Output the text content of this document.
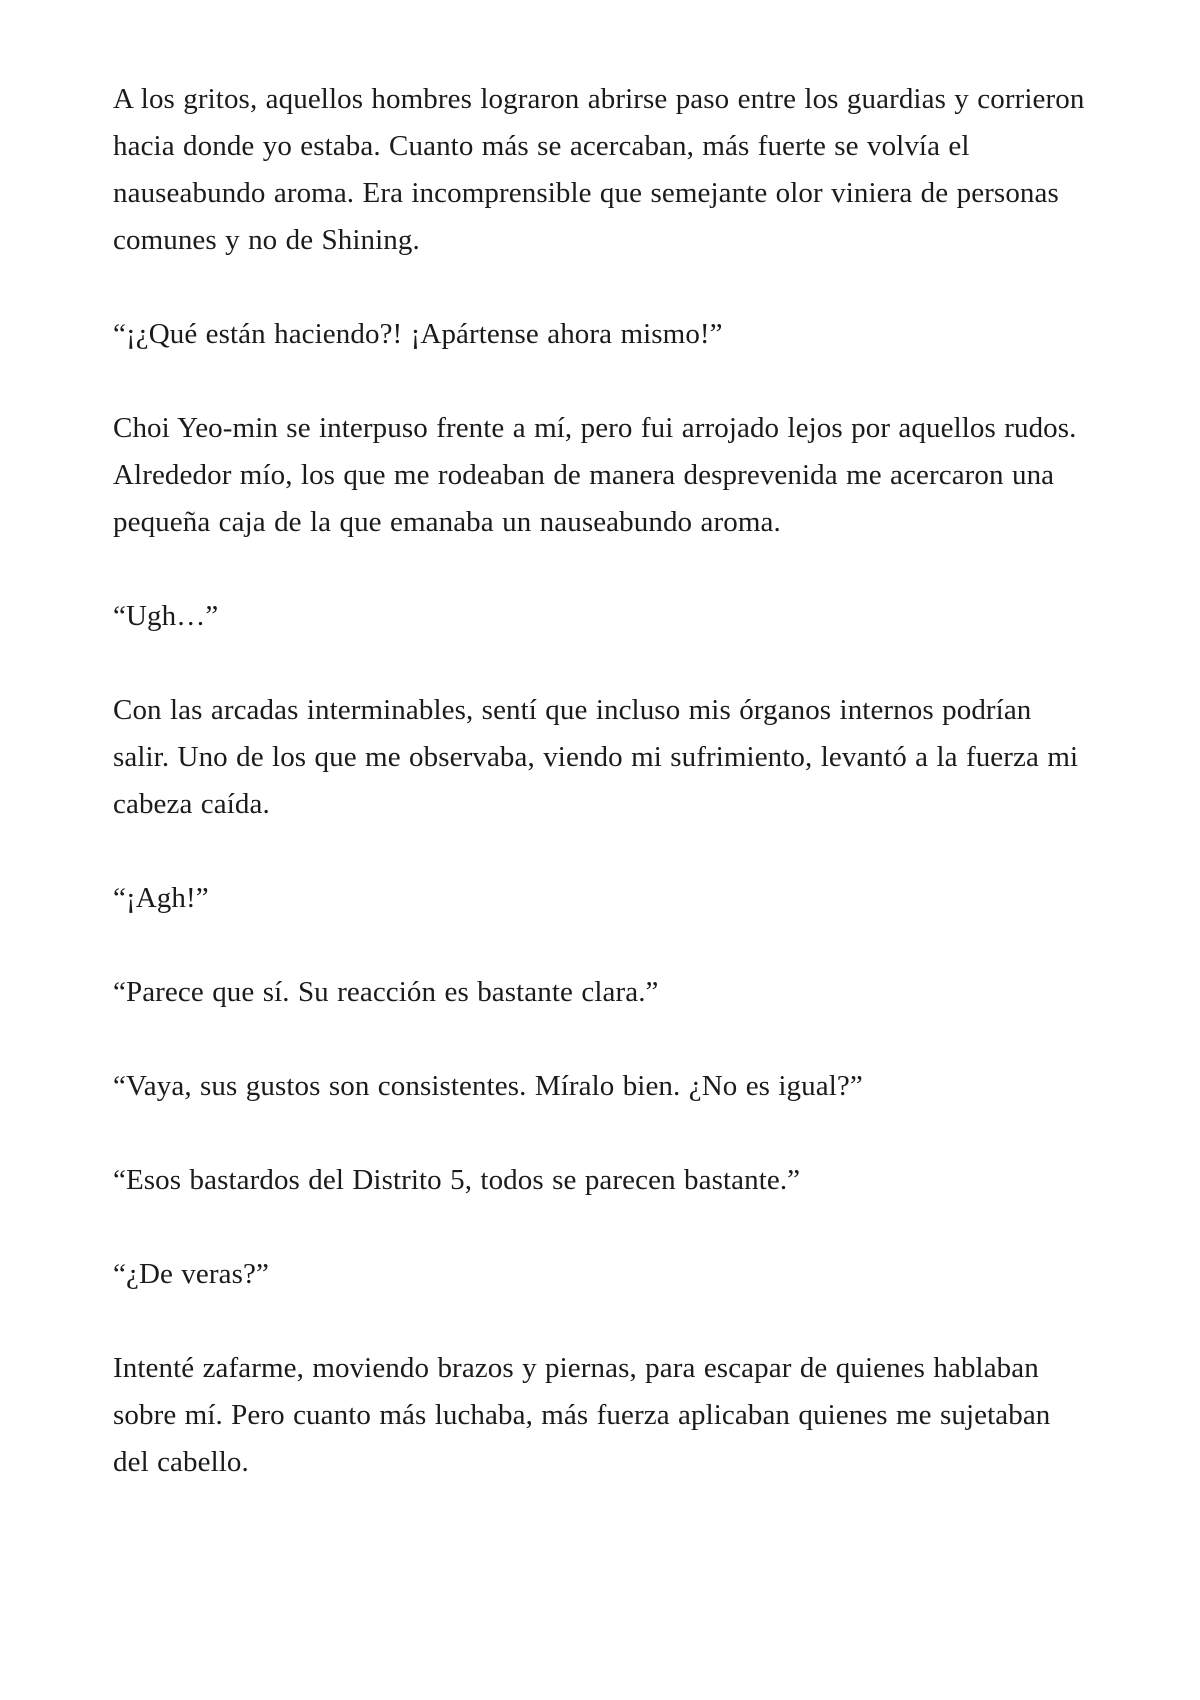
A los gritos, aquellos hombres lograron abrirse paso entre los guardias y corrieron hacia donde yo estaba. Cuanto más se acercaban, más fuerte se volvía el nauseabundo aroma. Era incomprensible que semejante olor viniera de personas comunes y no de Shining.

“¡¿Qué están haciendo?! ¡Apártense ahora mismo!”

Choi Yeo-min se interpuso frente a mí, pero fui arrojado lejos por aquellos rudos. Alrededor mío, los que me rodeaban de manera desprevenida me acercaron una pequeña caja de la que emanaba un nauseabundo aroma.

“Ugh…”

Con las arcadas interminables, sentí que incluso mis órganos internos podrían salir. Uno de los que me observaba, viendo mi sufrimiento, levantó a la fuerza mi cabeza caída.

“¡Agh!”

“Parece que sí. Su reacción es bastante clara.”

“Vaya, sus gustos son consistentes. Míralo bien. ¿No es igual?”

“Esos bastardos del Distrito 5, todos se parecen bastante.”

“¿De veras?”

Intenté zafarme, moviendo brazos y piernas, para escapar de quienes hablaban sobre mí. Pero cuanto más luchaba, más fuerza aplicaban quienes me sujetaban del cabello.
